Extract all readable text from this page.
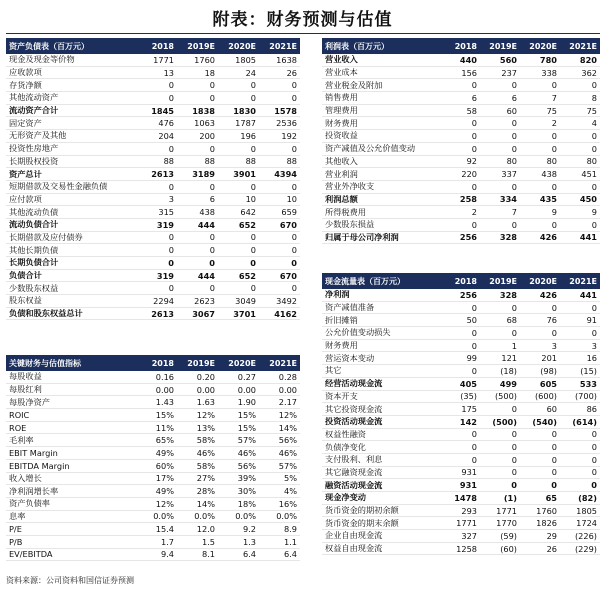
附表：财务预测与估值
资产负债表（百万元）	2018	2019E	2020E	2021E
现金及现金等价物	1771	1760	1805	1638
应收款项	13	18	24	26
存货净额	0	0	0	0
其他流动资产	0	0	0	0
流动资产合计	1845	1838	1830	1578
固定资产	476	1063	1787	2536
无形资产及其他	204	200	196	192
投资性房地产	0	0	0	0
长期股权投资	88	88	88	88
资产总计	2613	3189	3901	4394
短期借款及交易性金融负债	0	0	0	0
应付款项	3	6	10	10
其他流动负债	315	438	642	659
流动负债合计	319	444	652	670
长期借款及应付债券	0	0	0	0
其他长期负债	0	0	0	0
长期负债合计	0	0	0	0
负债合计	319	444	652	670
少数股东权益	0	0	0	0
股东权益	2294	2623	3049	3492
负债和股东权益总计	2613	3067	3701	4162
关键财务与估值指标	2018	2019E	2020E	2021E
每股收益	0.16	0.20	0.27	0.28
每股红利	0.00	0.00	0.00	0.00
每股净资产	1.43	1.63	1.90	2.17
ROIC	15%	12%	15%	12%
ROE	11%	13%	15%	14%
毛利率	65%	58%	57%	56%
EBIT Margin	49%	46%	46%	46%
EBITDA Margin	60%	58%	56%	57%
收入增长	17%	27%	39%	5%
净利润增长率	49%	28%	30%	4%
资产负债率	12%	14%	18%	16%
息率	0.0%	0.0%	0.0%	0.0%
P/E	15.4	12.0	9.2	8.9
P/B	1.7	1.5	1.3	1.1
EV/EBITDA	9.4	8.1	6.4	6.4
利润表（百万元）	2018	2019E	2020E	2021E
营业收入	440	560	780	820
营业成本	156	237	338	362
营业税金及附加	0	0	0	0
销售费用	6	6	7	8
管理费用	58	60	75	75
财务费用	0	0	2	4
投资收益	0	0	0	0
资产减值及公允价值变动	0	0	0	0
其他收入	92	80	80	80
营业利润	220	337	438	451
营业外净收支	0	0	0	0
利润总额	258	334	435	450
所得税费用	2	7	9	9
少数股东损益	0	0	0	0
归属于母公司净利润	256	328	426	441
现金流量表（百万元）	2018	2019E	2020E	2021E
净利润	256	328	426	441
资产减值准备	0	0	0	0
折旧摊销	50	68	76	91
公允价值变动损失	0	0	0	0
财务费用	0	1	3	3
营运资本变动	99	121	201	16
其它	0	(18)	(98)	(15)
经营活动现金流	405	499	605	533
资本开支	(35)	(500)	(600)	(700)
其它投资现金流	175	0	60	86
投资活动现金流	142	(500)	(540)	(614)
权益性融资	0	0	0	0
负债净变化	0	0	0	0
支付股利、利息	0	0	0	0
其它融资现金流	931	0	0	0
融资活动现金流	931	0	0	0
现金净变动	1478	(1)	65	(82)
货币资金的期初余额	293	1771	1760	1805
货币资金的期末余额	1771	1770	1826	1724
企业自由现金流	327	(59)	29	(226)
权益自由现金流	1258	(60)	26	(229)
资料来源：公司资料和国信证券预测
